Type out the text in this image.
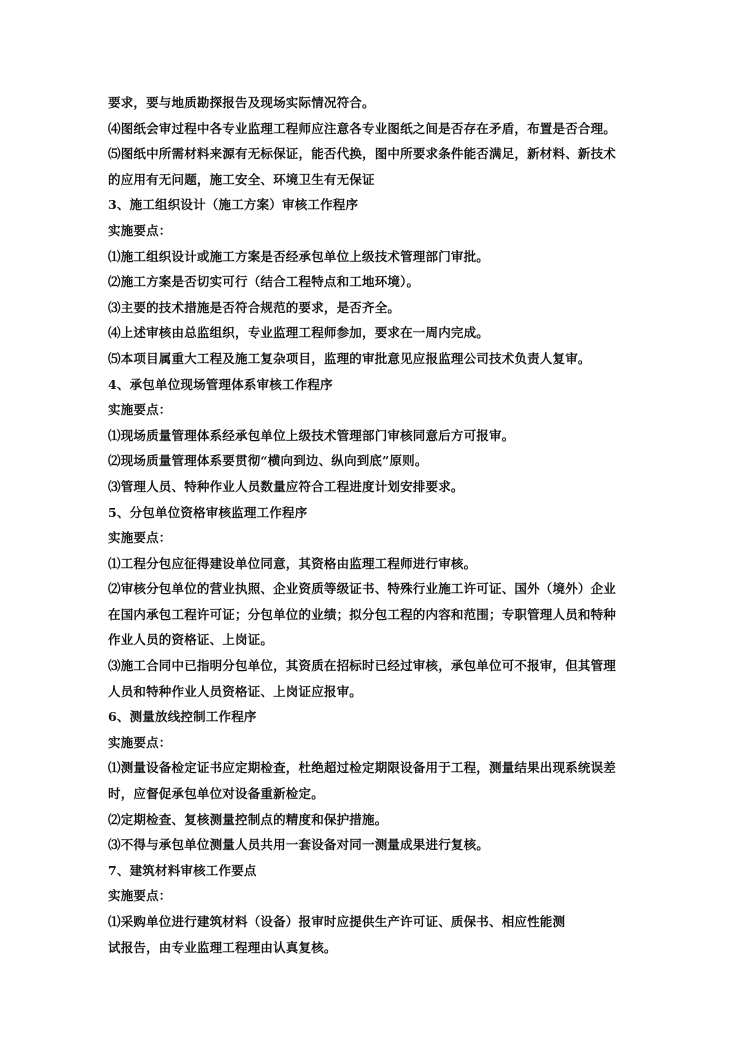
要求，要与地质勘探报告及现场实际情况符合。
⑷图纸会审过程中各专业监理工程师应注意各专业图纸之间是否存在矛盾，布置是否合理。
⑸图纸中所需材料来源有无标保证，能否代换，图中所要求条件能否满足，新材料、新技术
的应用有无问题，施工安全、环境卫生有无保证
3、施工组织设计（施工方案）审核工作程序
实施要点：
⑴施工组织设计或施工方案是否经承包单位上级技术管理部门审批。
⑵施工方案是否切实可行（结合工程特点和工地环境）。
⑶主要的技术措施是否符合规范的要求，是否齐全。
⑷上述审核由总监组织，专业监理工程师参加，要求在一周内完成。
⑸本项目属重大工程及施工复杂项目，监理的审批意见应报监理公司技术负责人复审。
4、承包单位现场管理体系审核工作程序
实施要点：
⑴现场质量管理体系经承包单位上级技术管理部门审核同意后方可报审。
⑵现场质量管理体系要贯彻“横向到边、纵向到底”原则。
⑶管理人员、特种作业人员数量应符合工程进度计划安排要求。
5、分包单位资格审核监理工作程序
实施要点：
⑴工程分包应征得建设单位同意，其资格由监理工程师进行审核。
⑵审核分包单位的营业执照、企业资质等级证书、特殊行业施工许可证、国外（境外）企业
在国内承包工程许可证；分包单位的业绩；拟分包工程的内容和范围；专职管理人员和特种
作业人员的资格证、上岗证。
⑶施工合同中已指明分包单位，其资质在招标时已经过审核，承包单位可不报审，但其管理
人员和特种作业人员资格证、上岗证应报审。
6、测量放线控制工作程序
实施要点：
⑴测量设备检定证书应定期检查，杜绝超过检定期限设备用于工程，测量结果出现系统误差
时，应督促承包单位对设备重新检定。
⑵定期检查、复核测量控制点的精度和保护措施。
⑶不得与承包单位测量人员共用一套设备对同一测量成果进行复核。
7、建筑材料审核工作要点
实施要点：
⑴采购单位进行建筑材料（设备）报审时应提供生产许可证、质保书、相应性能测
试报告，由专业监理工程理由认真复核。
